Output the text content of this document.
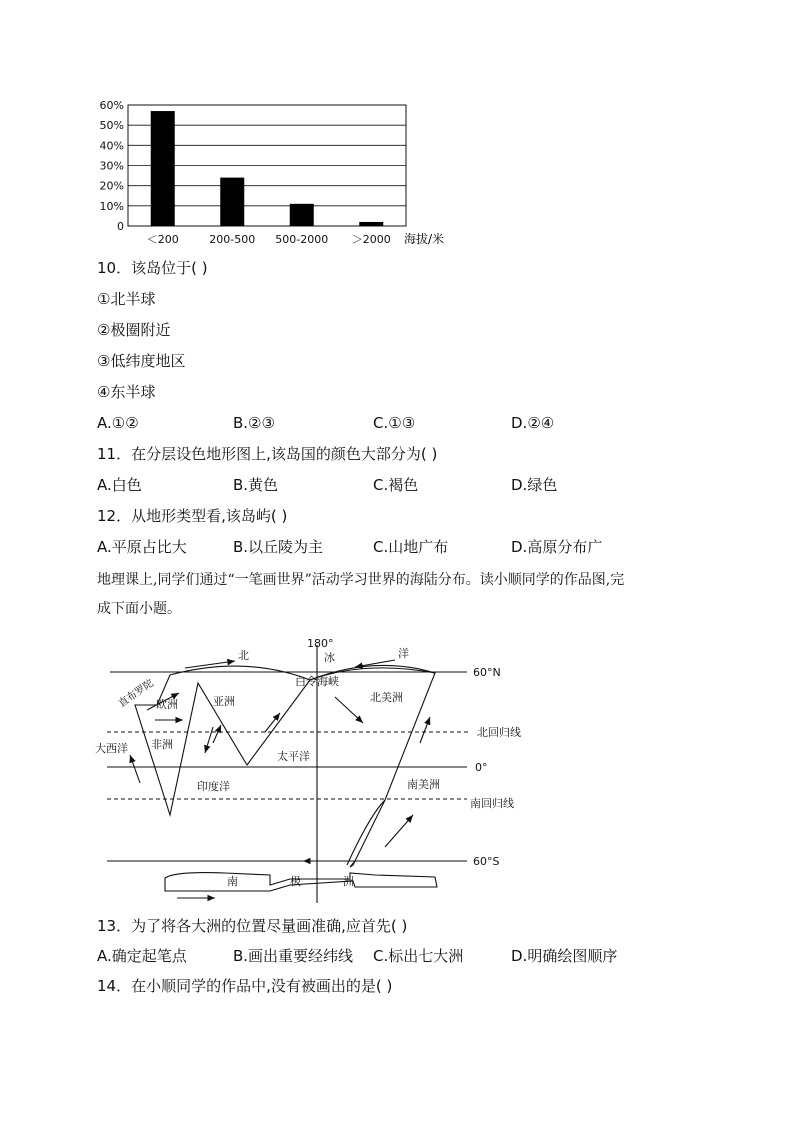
0
10%
20%
30%
40%
50%
60%
＜200	200-500 500-2000 ＞2000 海拔/米
10．该岛位于( )
①北半球
②极圈附近
③低纬度地区
④东半球
A.①②	B.②③	C.①③	D.②④
11．在分层设色地形图上,该岛国的颜色大部分为( )
A.白色	B.黄色	C.褐色	D.绿色
12．从地形类型看,该岛屿( )
A.平原占比大	B.以丘陵为主	C.山地广布	D.高原分布广
地理课上,同学们通过“一笔画世界”活动学习世界的海陆分布。读小顺同学的作品图,完
成下面小题。
180°
北	冰	洋
白令海峡
亚洲
欧洲
非洲
北美洲
南美洲
太平洋
印度洋
大西洋
直布罗陀
南	极	洲
60°N
北回归线
0°
南回归线
60°S
13．为了将各大洲的位置尽量画准确,应首先( )
A.确定起笔点	B.画出重要经纬线 C.标出七大洲	D.明确绘图顺序
14．在小顺同学的作品中,没有被画出的是( )
